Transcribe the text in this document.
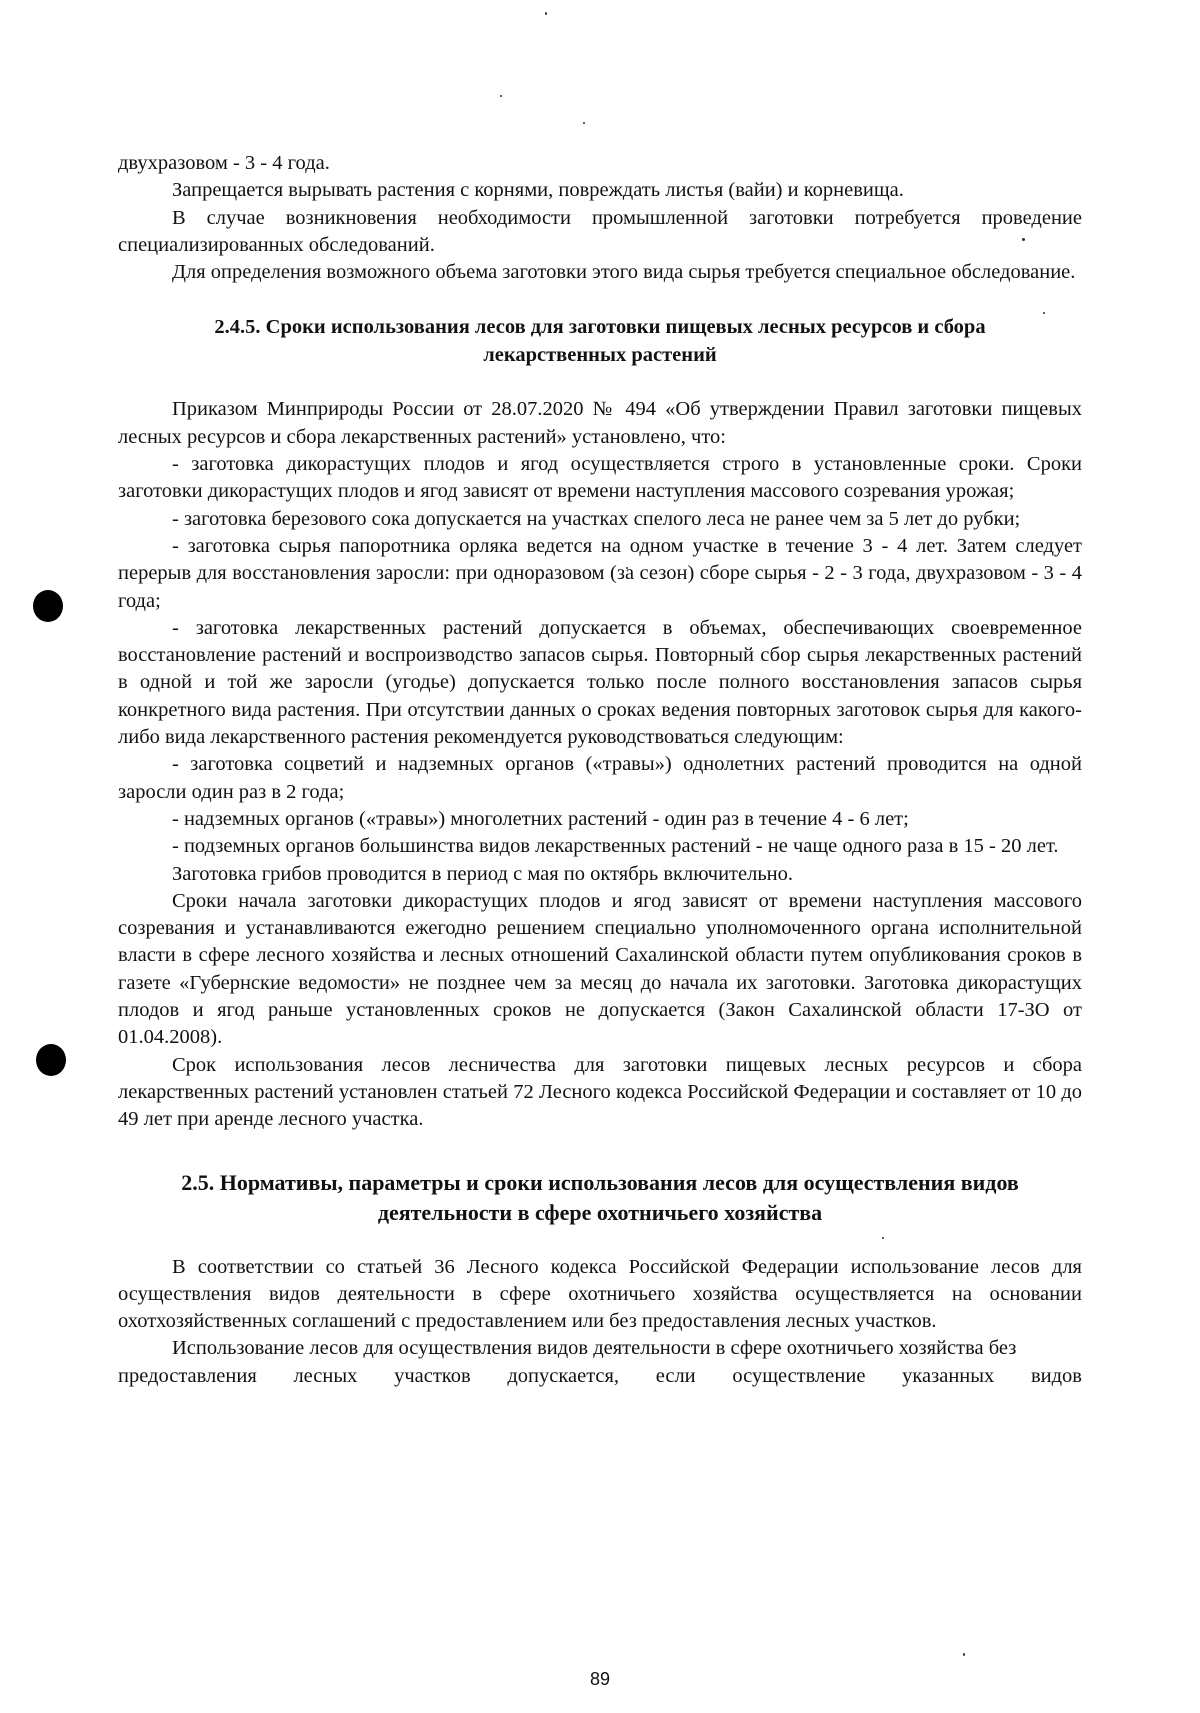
двухразовом - 3 - 4 года.

Запрещается вырывать растения с корнями, повреждать листья (вайи) и корневища.

В случае возникновения необходимости промышленной заготовки потребуется проведение специализированных обследований.

Для определения возможного объема заготовки этого вида сырья требуется специальное обследование.

2.4.5. Сроки использования лесов для заготовки пищевых лесных ресурсов и сбора
лекарственных растений

Приказом Минприроды России от 28.07.2020 № 494 «Об утверждении Правил заготовки пищевых лесных ресурсов и сбора лекарственных растений» установлено, что:

- заготовка дикорастущих плодов и ягод осуществляется строго в установленные сроки. Сроки заготовки дикорастущих плодов и ягод зависят от времени наступления массового созревания урожая;

- заготовка березового сока допускается на участках спелого леса не ранее чем за 5 лет до рубки;

- заготовка сырья папоротника орляка ведется на одном участке в течение 3 - 4 лет. Затем следует перерыв для восстановления заросли: при одноразовом (за сезон) сборе сырья - 2 - 3 года, двухразовом - 3 - 4 года;

- заготовка лекарственных растений допускается в объемах, обеспечивающих своевременное восстановление растений и воспроизводство запасов сырья. Повторный сбор сырья лекарственных растений в одной и той же заросли (угодье) допускается только после полного восстановления запасов сырья конкретного вида растения. При отсутствии данных о сроках ведения повторных заготовок сырья для какого-либо вида лекарственного растения рекомендуется руководствоваться следующим:

- заготовка соцветий и надземных органов («травы») однолетних растений проводится на одной заросли один раз в 2 года;

- надземных органов («травы») многолетних растений - один раз в течение 4 - 6 лет;

- подземных органов большинства видов лекарственных растений - не чаще одного раза в 15 - 20 лет.

Заготовка грибов проводится в период с мая по октябрь включительно.

Сроки начала заготовки дикорастущих плодов и ягод зависят от времени наступления массового созревания и устанавливаются ежегодно решением специально уполномоченного органа исполнительной власти в сфере лесного хозяйства и лесных отношений Сахалинской области путем опубликования сроков в газете «Губернские ведомости» не позднее чем за месяц до начала их заготовки. Заготовка дикорастущих плодов и ягод раньше установленных сроков не допускается (Закон Сахалинской области 17-ЗО от 01.04.2008).

Срок использования лесов лесничества для заготовки пищевых лесных ресурсов и сбора лекарственных растений установлен статьей 72 Лесного кодекса Российской Федерации и составляет от 10 до 49 лет при аренде лесного участка.

2.5. Нормативы, параметры и сроки использования лесов для осуществления видов
деятельности в сфере охотничьего хозяйства

В соответствии со статьей 36 Лесного кодекса Российской Федерации использование лесов для осуществления видов деятельности в сфере охотничьего хозяйства осуществляется на основании охотхозяйственных соглашений с предоставлением или без предоставления лесных участков.

Использование лесов для осуществления видов деятельности в сфере охотничьего хозяйства без предоставления лесных участков допускается, если осуществление указанных видов

89
